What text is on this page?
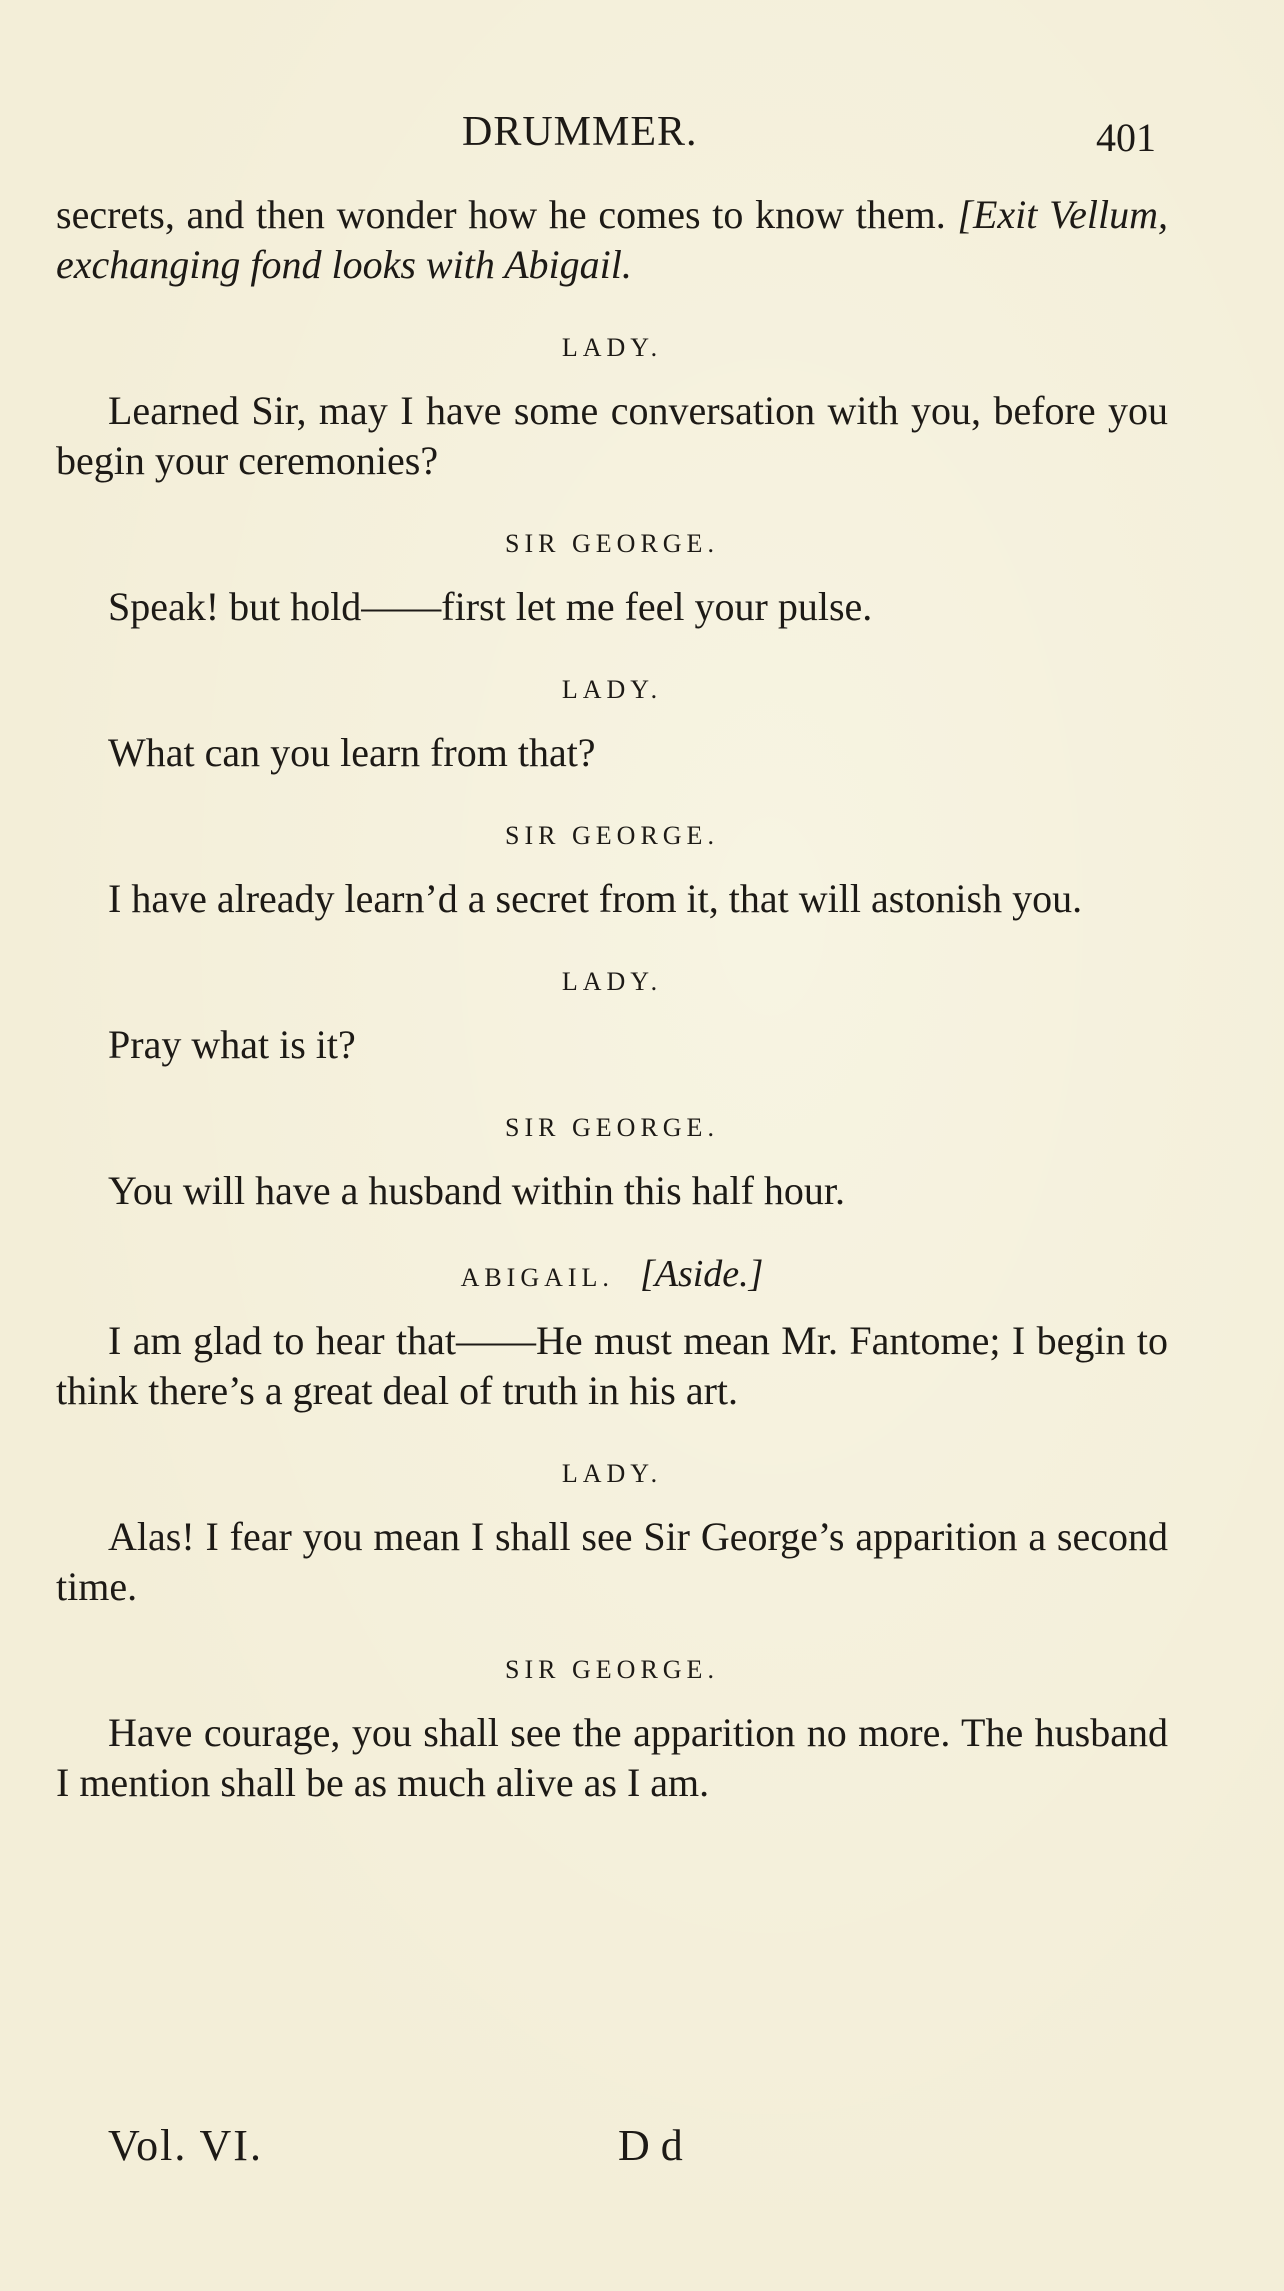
DRUMMER.	401

secrets, and then wonder how he comes to know them. [Exit Vellum, exchanging fond looks with Abigail.

LADY.

Learned Sir, may I have some conversation with you, before you begin your ceremonies?

SIR GEORGE.

Speak! but hold——first let me feel your pulse.

LADY.

What can you learn from that?

SIR GEORGE.

I have already learn’d a secret from it, that will astonish you.

LADY.

Pray what is it?

SIR GEORGE.

You will have a husband within this half hour.

ABIGAIL. [Aside.]

I am glad to hear that——He must mean Mr. Fantome; I begin to think there’s a great deal of truth in his art.

LADY.

Alas! I fear you mean I shall see Sir George’s apparition a second time.

SIR GEORGE.

Have courage, you shall see the apparition no more. The husband I mention shall be as much alive as I am.

Vol. VI.	D d
